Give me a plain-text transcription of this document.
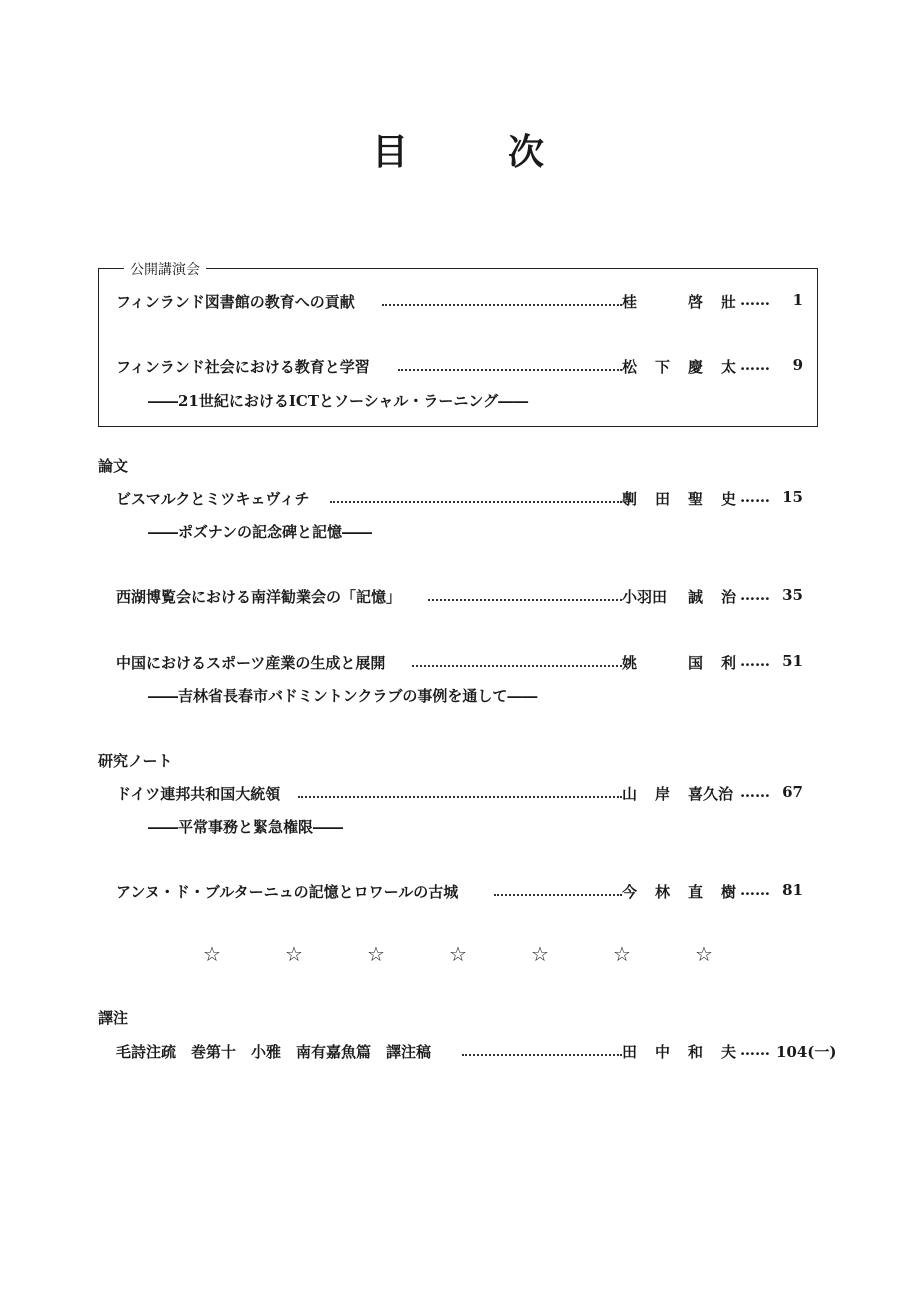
目	次
公開講演会
フィンランド図書館の教育への貢献	桂	啓 壯 …… 1
フィンランド社会における教育と学習	松 下 慶 太 …… 9
――21世紀におけるICTとソーシャル・ラーニング――
論文
ビスマルクとミツキェヴィチ	剸 田 聖 史 …… 15
――ポズナンの記念碑と記憶――
西湖博覧会における南洋勧業会の「記憶」	小羽田 誠 治 …… 35
中国におけるスポーツ産業の生成と展開	姚	国 利 …… 51
――吉林省長春市バドミントンクラブの事例を通して――
研究ノート
ドイツ連邦共和国大統領	山 岸 喜久治 …… 67
――平常事務と緊急権限――
アンヌ・ド・ブルターニュの記憶とロワールの古城	今 林 直 樹 …… 81
☆	☆	☆	☆	☆	☆	☆
譯注
毛詩注疏　巻第十　小雅　南有嘉魚篇　譯注稿	田 中 和 夫 …… 104(一)
